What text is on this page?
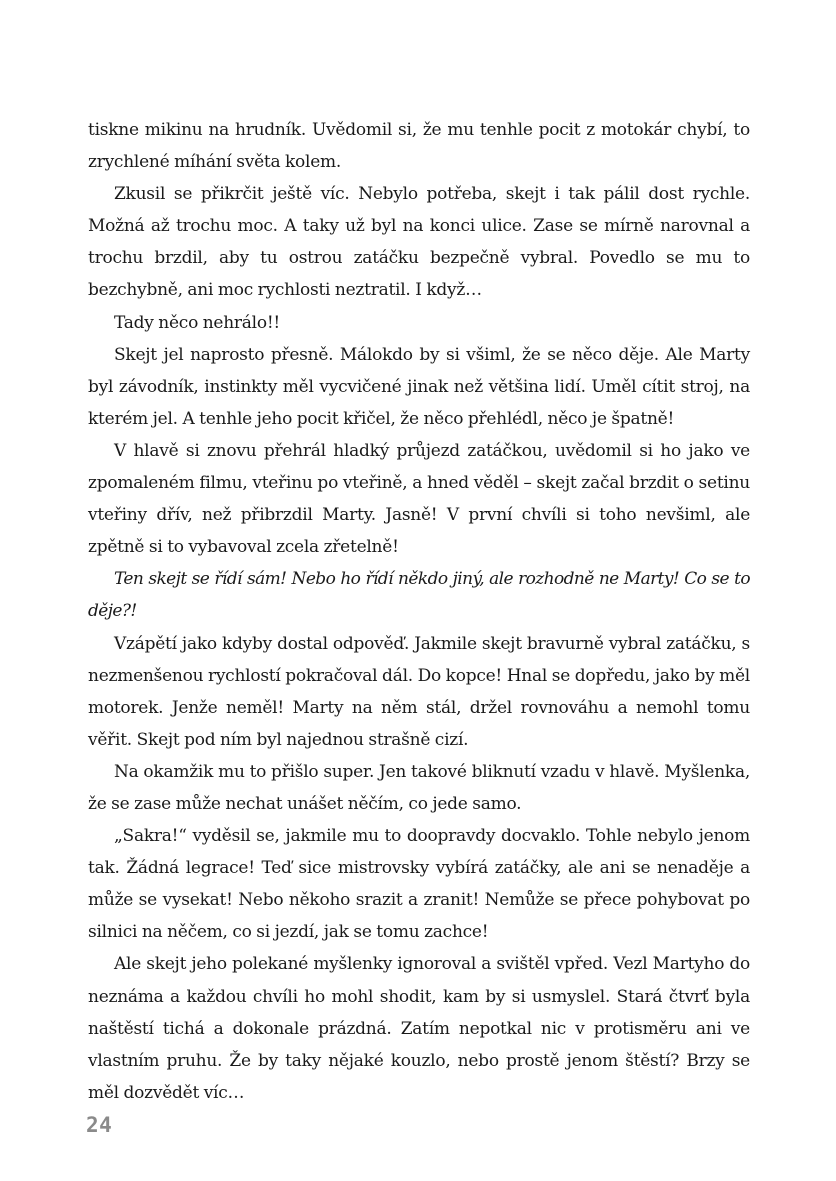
tiskne mikinu na hrudník. Uvědomil si, že mu tenhle pocit z motokár chybí, to zrychlené míhání světa kolem.

Zkusil se přikrčit ještě víc. Nebylo potřeba, skejt i tak pálil dost rychle. Možná až trochu moc. A taky už byl na konci ulice. Zase se mírně narovnal a trochu brzdil, aby tu ostrou zatáčku bezpečně vybral. Povedlo se mu to bezchybně, ani moc rychlosti neztratil. I když…

Tady něco nehrálo!!

Skejt jel naprosto přesně. Málokdo by si všiml, že se něco děje. Ale Marty byl závodník, instinkty měl vycvičené jinak než většina lidí. Uměl cítit stroj, na kterém jel. A tenhle jeho pocit křičel, že něco přehlédl, něco je špatně!

V hlavě si znovu přehrál hladký průjezd zatáčkou, uvědomil si ho jako ve zpomaleném filmu, vteřinu po vteřině, a hned věděl – skejt začal brzdit o setinu vteřiny dřív, než přibrzdil Marty. Jasně! V první chvíli si toho nevšiml, ale zpětně si to vybavoval zcela zřetelně!

Ten skejt se řídí sám! Nebo ho řídí někdo jiný, ale rozhodně ne Marty! Co se to děje?!

Vzápětí jako kdyby dostal odpověď. Jakmile skejt bravurně vybral zatáčku, s nezmenšenou rychlostí pokračoval dál. Do kopce! Hnal se dopředu, jako by měl motorek. Jenže neměl! Marty na něm stál, držel rovnováhu a nemohl tomu věřit. Skejt pod ním byl najednou strašně cizí.

Na okamžik mu to přišlo super. Jen takové bliknutí vzadu v hlavě. Myšlenka, že se zase může nechat unášet něčím, co jede samo.

„Sakra!“ vyděsil se, jakmile mu to doopravdy docvaklo. Tohle nebylo jenom tak. Žádná legrace! Teď sice mistrovsky vybírá zatáčky, ale ani se nenaděje a může se vysekat! Nebo někoho srazit a zranit! Nemůže se přece pohybovat po silnici na něčem, co si jezdí, jak se tomu zachce!

Ale skejt jeho polekané myšlenky ignoroval a svištěl vpřed. Vezl Martyho do neznáma a každou chvíli ho mohl shodit, kam by si usmyslel. Stará čtvrť byla naštěstí tichá a dokonale prázdná. Zatím nepotkal nic v protisměru ani ve vlastním pruhu. Že by taky nějaké kouzlo, nebo prostě jenom štěstí? Brzy se měl dozvědět víc…

24
